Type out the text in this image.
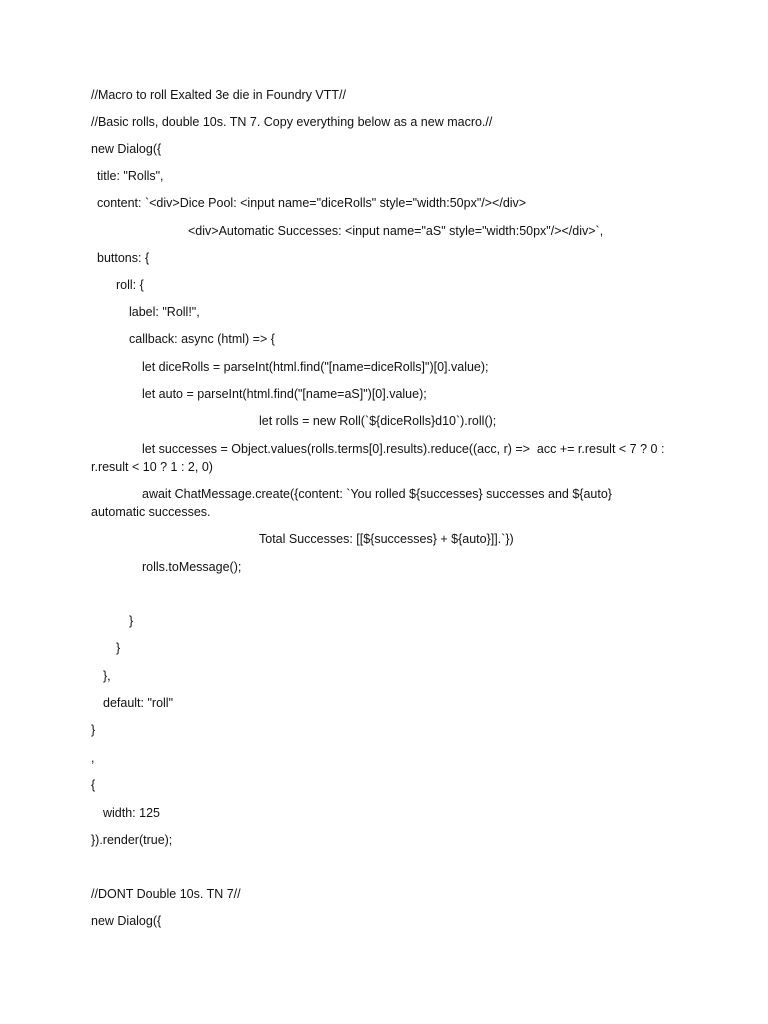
//Macro to roll Exalted 3e die in Foundry VTT//
//Basic rolls, double 10s. TN 7. Copy everything below as a new macro.//
new Dialog({
title: "Rolls",
content: `<div>Dice Pool: <input name="diceRolls" style="width:50px"/></div>
<div>Automatic Successes: <input name="aS" style="width:50px"/></div>`,
buttons: {
roll: {
label: "Roll!",
callback: async (html) => {
let diceRolls = parseInt(html.find("[name=diceRolls]")[0].value);
let auto = parseInt(html.find("[name=aS]")[0].value);
let rolls = new Roll(`${diceRolls}d10`).roll();
let successes = Object.values(rolls.terms[0].results).reduce((acc, r) =>  acc += r.result < 7 ? 0 :
r.result < 10 ? 1 : 2, 0)
await ChatMessage.create({content: `You rolled ${successes} successes and ${auto}
automatic successes.
Total Successes: [[${successes} + ${auto}]].`})
rolls.toMessage();
}
}
},
default: "roll"
}
,
{
width: 125
}).render(true);
//DONT Double 10s. TN 7//
new Dialog({
